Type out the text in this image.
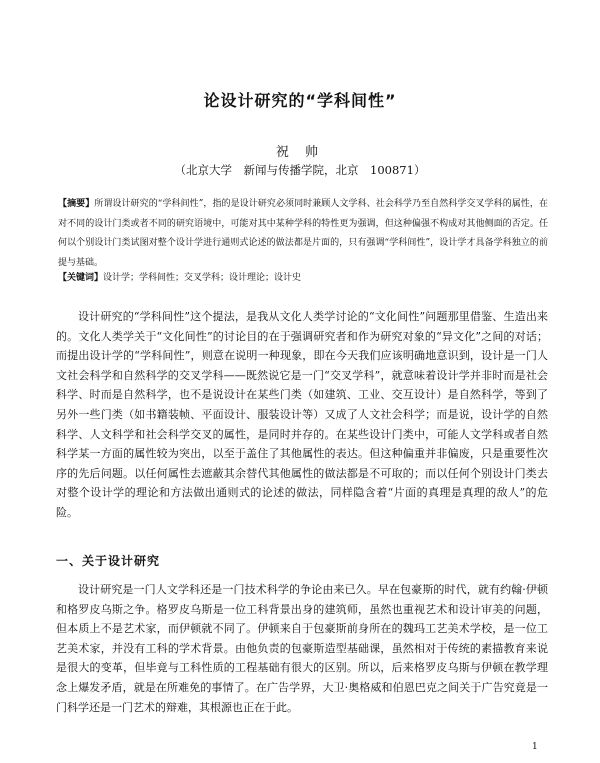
论设计研究的“学科间性”
祝 帅
（北京大学　新闻与传播学院，北京　100871）

【摘要】所谓设计研究的“学科间性”，指的是设计研究必须同时兼顾人文学科、社会科学乃至自然科学交叉学科的属性，在对不同的设计门类或者不同的研究语境中，可能对其中某种学科的特性更为强调，但这种偏强不构成对其他侧面的否定。任何以个别设计门类试图对整个设计学进行通则式论述的做法都是片面的，只有强调“学科间性”，设计学才具备学科独立的前提与基础。

【关键词】设计学；学科间性；交叉学科；设计理论；设计史

设计研究的“学科间性”这个提法，是我从文化人类学讨论的“文化间性”问题那里借鉴、生造出来的。文化人类学关于“文化间性”的讨论目的在于强调研究者和作为研究对象的“异文化”之间的对话；而提出设计学的“学科间性”，则意在说明一种现象，即在今天我们应该明确地意识到，设计是一门人文社会科学和自然科学的交叉学科——既然说它是一门“交叉学科”，就意味着设计学并非时而是社会科学、时而是自然科学，也不是说设计在某些门类（如建筑、工业、交互设计）是自然科学，等到了另外一些门类（如书籍装帧、平面设计、服装设计等）又成了人文社会科学；而是说，设计学的自然科学、人文科学和社会科学交叉的属性，是同时并存的。在某些设计门类中，可能人文学科或者自然科学某一方面的属性较为突出，以至于盖住了其他属性的表达。但这种偏重并非偏废，只是重要性次序的先后问题。以任何属性去遮蔽其余替代其他属性的做法都是不可取的；而以任何个别设计门类去对整个设计学的理论和方法做出通则式的论述的做法，同样隐含着“片面的真理是真理的敌人”的危险。

一、关于设计研究

设计研究是一门人文学科还是一门技术科学的争论由来已久。早在包豪斯的时代，就有约翰·伊顿和格罗皮乌斯之争。格罗皮乌斯是一位工科背景出身的建筑师，虽然也重视艺术和设计审美的问题，但本质上不是艺术家，而伊顿就不同了。伊顿来自于包豪斯前身所在的魏玛工艺美术学校，是一位工艺美术家，并没有工科的学术背景。由他负责的包豪斯造型基础课，虽然相对于传统的素描教育来说是很大的变革，但毕竟与工科性质的工程基础有很大的区别。所以，后来格罗皮乌斯与伊顿在教学理念上爆发矛盾，就是在所难免的事情了。在广告学界，大卫·奥格威和伯恩巴克之间关于广告究竟是一门科学还是一门艺术的辩难，其根源也正在于此。

1
